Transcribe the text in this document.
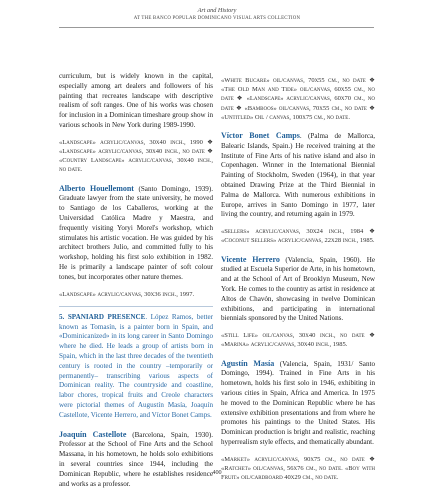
Art and History
AT THE BANCO POPULAR DOMINICANO VISUAL ARTS COLLECTION

curriculum, but is widely known in the capital, especially among art dealers and followers of his painting that recreates landscape with descriptive realism of soft ranges. One of his works was chosen for inclusion in a Dominican timeshare group show in various schools in New York during 1989-1990.

«Landscape» acrylic/canvas, 30x40 inch., 1990 ❖ «Landscape» acrylic/canvas, 30x40 inch., no date ❖ «Country Landscape» acrylic/canvas, 30x40 inch., no date.

Alberto Houellemont (Santo Domingo, 1939). Graduate lawyer from the state university, he moved to Santiago de los Caballeros, working at the Universidad Católica Madre y Maestra, and frequently visiting Yoryi Morel's workshop, which stimulates his artistic vocation. He was guided by his architect brothers Julio, and committed fully to his workshop, holding his first solo exhibition in 1982. He is primarily a landscape painter of soft colour tones, but incorporates other nature themes.

«Landscape» acrylic/canvas, 30x36 inch., 1997.

5. SPANIARD PRESENCE. López Ramos, better known as Tomasín, is a painter born in Spain, and «Dominicanized» in its long career in Santo Domingo where he died. He leads a group of artists born in Spain, which in the last three decades of the twentieth century is rooted in the country –temporarily or permanently– transcribing various aspects of Dominican reality. The countryside and coastline, labor chores, tropical fruits and Creole characters were pictorial themes of Augustín Masía, Joaquín Castellote, Vicente Herrero, and Víctor Bonet Camps.

Joaquín Castellote (Barcelona, Spain, 1930). Professor at the School of Fine Arts and the School Massana, in his hometown, he holds solo exhibitions in several countries since 1944, including the Dominican Republic, where he establishes residence and works as a professor.

«White Bucare» oil/canvas, 70x55 cm., no date ❖ «The Old Man and Tide» oil/canvas, 60x55 cm., no date ❖ «Landscape» acrylic/canvas, 60x70 cm., no date ❖ «Bamboos» oil/canvas, 70x55 cm., no date ❖ «Untitled» Oil / canvas, 100x75 cm., no date.

Víctor Bonet Camps. (Palma de Mallorca, Balearic Islands, Spain.) He received training at the Institute of Fine Arts of his native island and also in Copenhagen. Winner in the International Biennial Painting of Stockholm, Sweden (1964), in that year obtained Drawing Prize at the Third Biennial in Palma de Mallorca. With numerous exhibitions in Europe, arrives in Santo Domingo in 1977, later living the country, and returning again in 1979.

«Sellers» acrylic/canvas, 30x24 inch., 1984 ❖ «Coconut Sellers» acrylic/canvas, 22x28 inch., 1985.

Vicente Herrero (Valencia, Spain, 1960). He studied at Escuela Superior de Arte, in his hometown, and at the School of Art of Brooklyn Museum, New York. He comes to the country as artist in residence at Altos de Chavón, showcasing in twelve Dominican exhibitions, and participating in international biennials sponsored by the United Nations.

«Still Life» oil/canvas, 30x40 inch., no date ❖ «Marina» acrylic/canvas, 30x40 inch., 1985.

Agustín Masía (Valencia, Spain, 1931/ Santo Domingo, 1994). Trained in Fine Arts in his hometown, holds his first solo in 1946, exhibiting in various cities in Spain, Africa and America. In 1975 he moved to the Dominican Republic where he has extensive exhibition presentations and from where he promotes his paintings to the United States. His Dominican production is bright and realistic, reaching hyperrealism style effects, and thematically abundant.

«Market» acrylic/canvas, 90x75 cm., no date ❖ «Ratchet» oil/canvas, 56x76 cm., no date. «Boy with Fruit» oil/cardboard 40x29 cm., no date.

400
